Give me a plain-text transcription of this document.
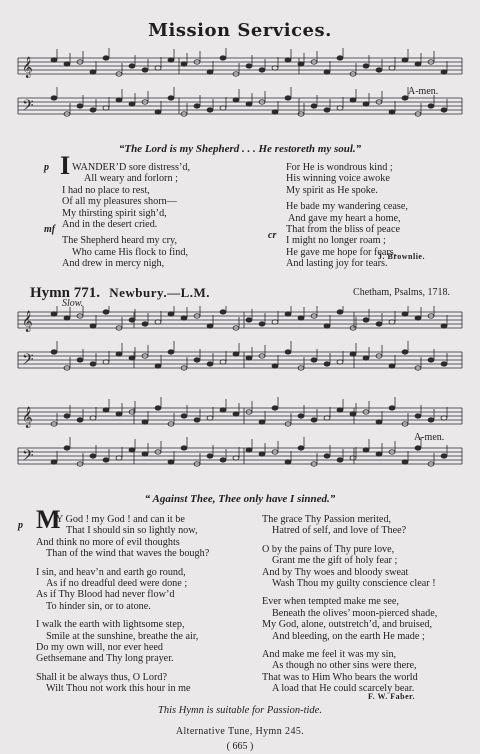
Mission Services.
𝄞
𝄢
A-men.
“The Lord is my Shepherd . . . He restoreth my soul.”
p I WANDER’D sore distress’d,
All weary and forlorn ;
I had no place to rest,
Of all my pleasures shorn—
My thirsting spirit sigh’d,
And in the desert cried.
mf
The Shepherd heard my cry,
Who came His flock to find,
And drew in mercy nigh,
For He is wondrous kind ;
His winning voice awoke
My spirit as He spoke.
He bade my wandering cease,
And gave my heart a home,
That from the bliss of peace
I might no longer roam ;
cr
He gave me hope for fears,
And lasting joy for tears.
J. Brownlie.
Hymn 771. Newbury.—L.M.	Chetham, Psalms, 1718.
Slow.
𝄞
𝄢
𝄞
𝄢
A-men.
“ Against Thee, Thee only have I sinned.”
p M
Y God ! my God ! and can it be
That I should sin so lightly now,
And think no more of evil thoughts
Than of the wind that waves the bough?
I sin, and heav’n and earth go round,
As if no dreadful deed were done ;
As if Thy Blood had never flow’d
To hinder sin, or to atone.
I walk the earth with lightsome step,
Smile at the sunshine, breathe the air,
Do my own will, nor ever heed
Gethsemane and Thy long prayer.
Shall it be always thus, O Lord?
Wilt Thou not work this hour in me
The grace Thy Passion merited,
Hatred of self, and love of Thee?
O by the pains of Thy pure love,
Grant me the gift of holy fear ;
And by Thy woes and bloody sweat
Wash Thou my guilty conscience clear !
Ever when tempted make me see,
Beneath the olives’ moon-pierced shade,
My God, alone, outstretch’d, and bruised,
And bleeding, on the earth He made ;
And make me feel it was my sin,
As though no other sins were there,
That was to Him Who bears the world
A load that He could scarcely bear.
F. W. Faber.
This Hymn is suitable for Passion-tide.
Alternative Tune, Hymn 245.
( 665 )
